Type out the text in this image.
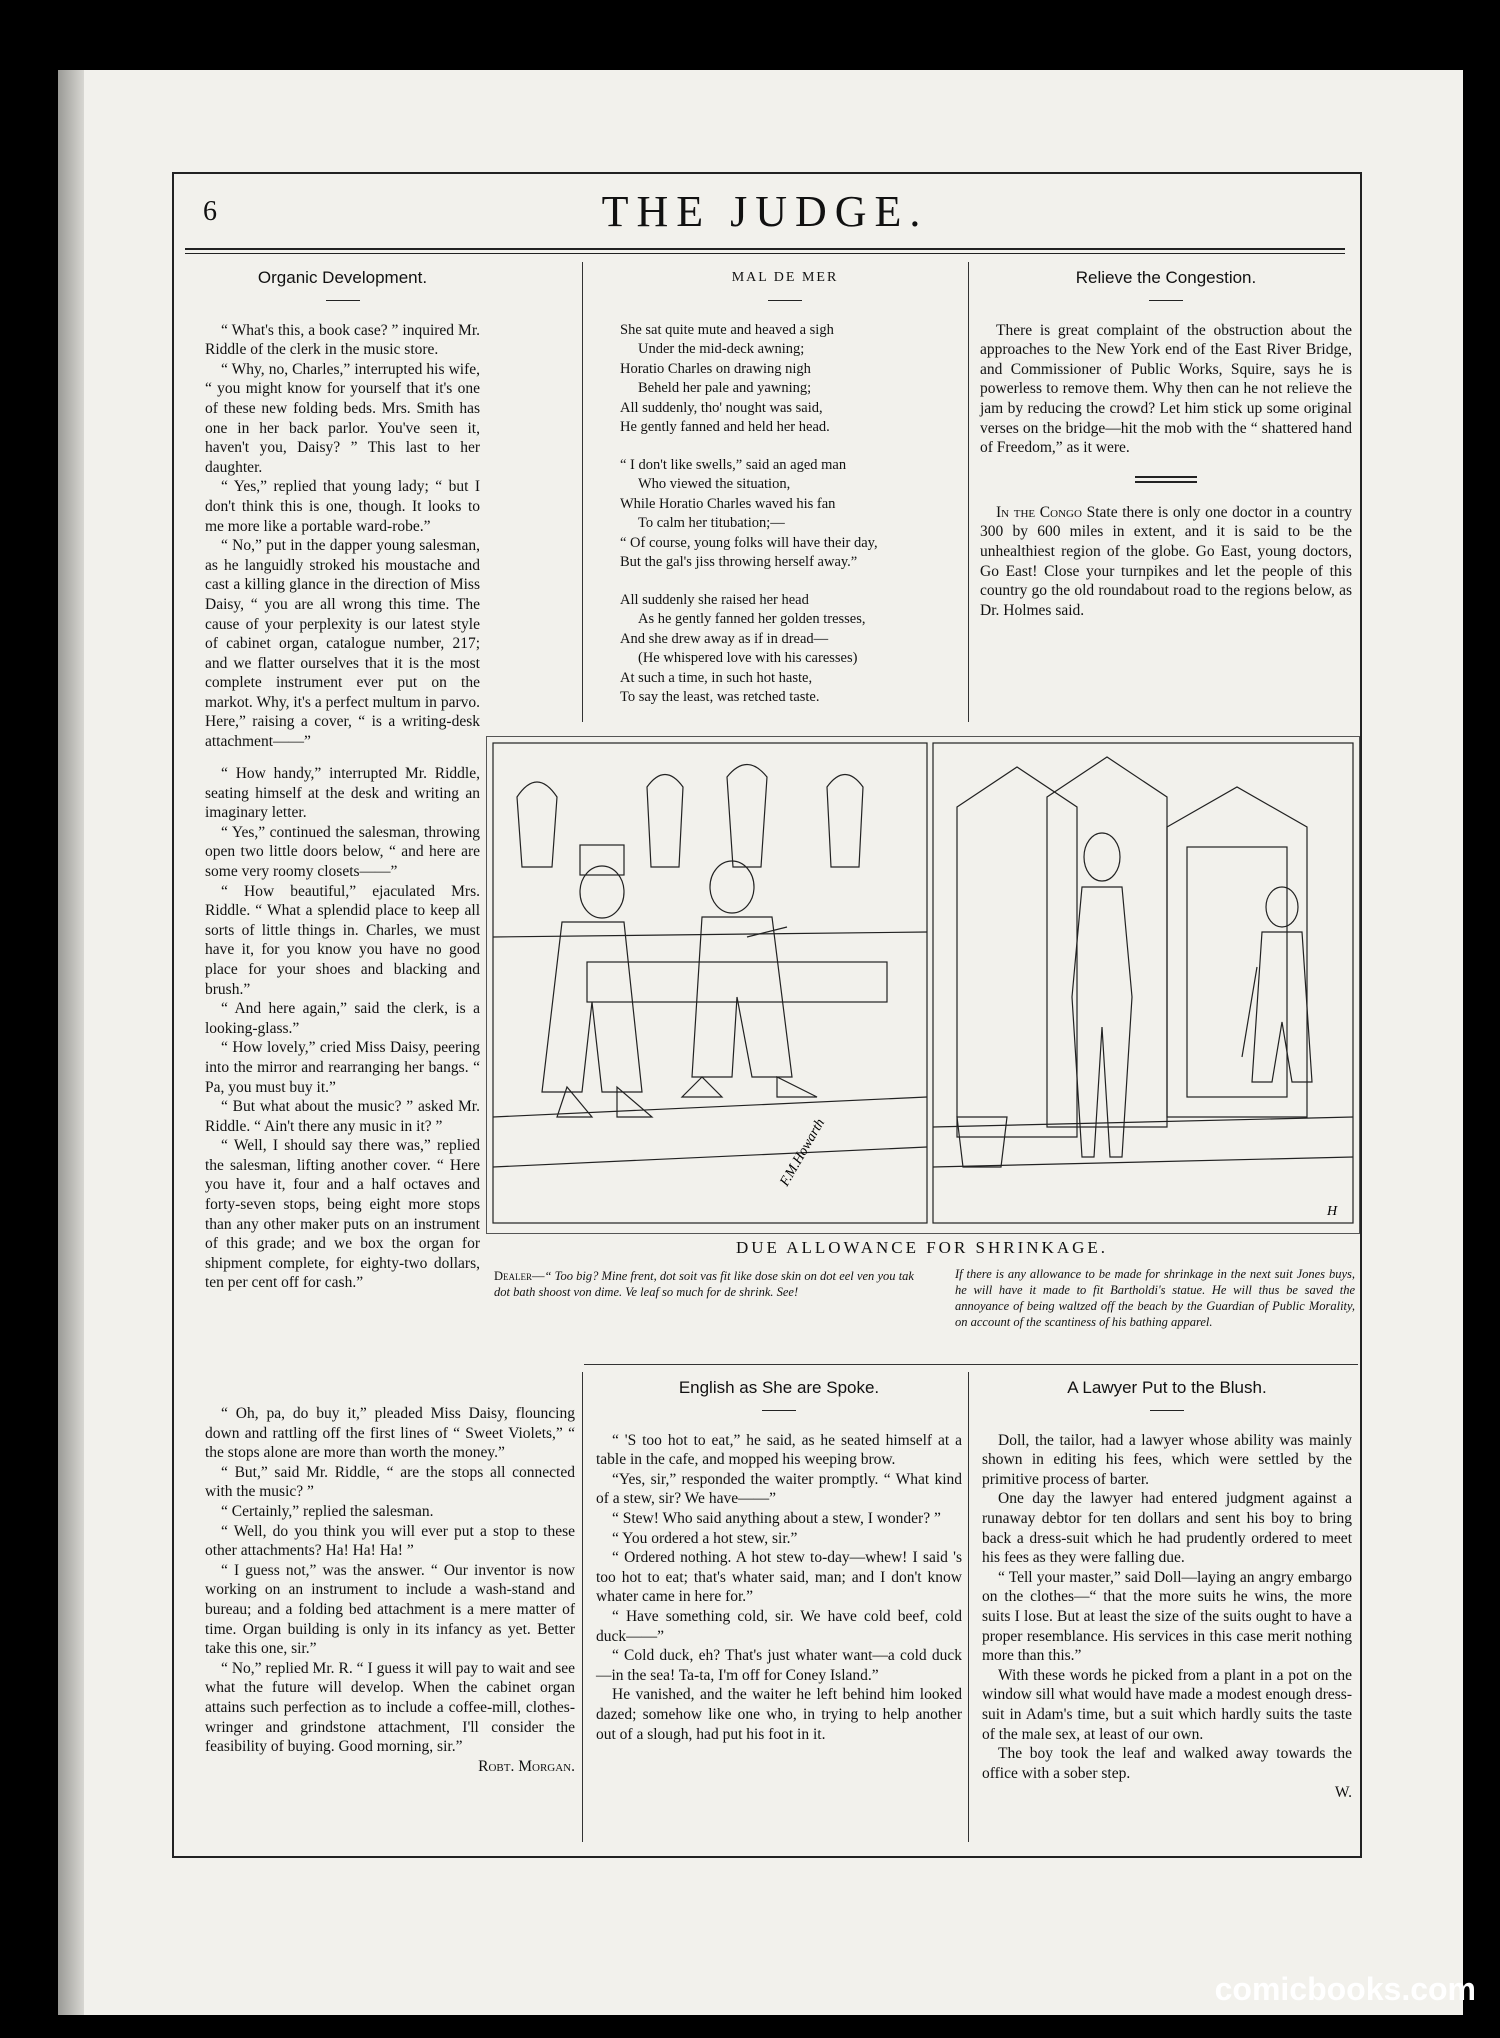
6	THE JUDGE.
Organic Development.

“ What's this, a book case? ” inquired Mr. Riddle of the clerk in the music store.

“ Why, no, Charles,” interrupted his wife, “ you might know for yourself that it's one of these new folding beds. Mrs. Smith has one in her back parlor. You've seen it, haven't you, Daisy? ” This last to her daughter.

“ Yes,” replied that young lady; “ but I don't think this is one, though. It looks to me more like a portable ward-robe.”

“ No,” put in the dapper young salesman, as he languidly stroked his moustache and cast a killing glance in the direction of Miss Daisy, “ you are all wrong this time. The cause of your perplexity is our latest style of cabinet organ, catalogue number, 217; and we flatter ourselves that it is the most complete instrument ever put on the markot. Why, it's a perfect multum in parvo. Here,” raising a cover, “ is a writing-desk attachment——”

“ How handy,” interrupted Mr. Riddle, seating himself at the desk and writing an imaginary letter.

“ Yes,” continued the salesman, throwing open two little doors below, “ and here are some very roomy closets——”

“ How beautiful,” ejaculated Mrs. Riddle. “ What a splendid place to keep all sorts of little things in. Charles, we must have it, for you know you have no good place for your shoes and blacking and brush.”

“ And here again,” said the clerk, is a looking-glass.”

“ How lovely,” cried Miss Daisy, peering into the mirror and rearranging her bangs. “ Pa, you must buy it.”

“ But what about the music? ” asked Mr. Riddle. “ Ain't there any music in it? ”

“ Well, I should say there was,” replied the salesman, lifting another cover. “ Here you have it, four and a half octaves and forty-seven stops, being eight more stops than any other maker puts on an instrument of this grade; and we box the organ for shipment complete, for eighty-two dollars, ten per cent off for cash.”

“ Oh, pa, do buy it,” pleaded Miss Daisy, flouncing down and rattling off the first lines of “ Sweet Violets,” “ the stops alone are more than worth the money.”

“ But,” said Mr. Riddle, “ are the stops all connected with the music? ”

“ Certainly,” replied the salesman.

“ Well, do you think you will ever put a stop to these other attachments? Ha! Ha! Ha! ”

“ I guess not,” was the answer. “ Our inventor is now working on an instrument to include a wash-stand and bureau; and a folding bed attachment is a mere matter of time. Organ building is only in its infancy as yet. Better take this one, sir.”

“ No,” replied Mr. R. “ I guess it will pay to wait and see what the future will develop. When the cabinet organ attains such perfection as to include a coffee-mill, clothes-wringer and grindstone attachment, I'll consider the feasibility of buying. Good morning, sir.”

Robt. Morgan.
MAL DE MER

She sat quite mute and heaved a sigh

Under the mid-deck awning;

Horatio Charles on drawing nigh

Beheld her pale and yawning;

All suddenly, tho' nought was said,

He gently fanned and held her head.

“ I don't like swells,” said an aged man

Who viewed the situation,

While Horatio Charles waved his fan

To calm her titubation;—

“ Of course, young folks will have their day,

But the gal's jiss throwing herself away.”

All suddenly she raised her head

As he gently fanned her golden tresses,

And she drew away as if in dread—

(He whispered love with his caresses)

At such a time, in such hot haste,

To say the least, was retched taste.

Relieve the Congestion.

There is great complaint of the obstruction about the approaches to the New York end of the East River Bridge, and Commissioner of Public Works, Squire, says he is powerless to remove them. Why then can he not relieve the jam by reducing the crowd? Let him stick up some original verses on the bridge—hit the mob with the “ shattered hand of Freedom,” as it were.

In the Congo State there is only one doctor in a country 300 by 600 miles in extent, and it is said to be the unhealthiest region of the globe. Go East, young doctors, Go East! Close your turnpikes and let the people of this country go the old roundabout road to the regions below, as Dr. Holmes said.

F.M.Howarth
H
DUE ALLOWANCE FOR SHRINKAGE.
Dealer—“ Too big? Mine frent, dot soit vas fit like dose skin on dot eel ven you tak dot bath shoost von dime. Ve leaf so much for de shrink. See!
If there is any allowance to be made for shrinkage in the next suit Jones buys, he will have it made to fit Bartholdi's statue. He will thus be saved the annoyance of being waltzed off the beach by the Guardian of Public Morality, on account of the scantiness of his bathing apparel.
English as She are Spoke.

“ 'S too hot to eat,” he said, as he seated himself at a table in the cafe, and mopped his weeping brow.

“Yes, sir,” responded the waiter promptly. “ What kind of a stew, sir? We have——”

“ Stew! Who said anything about a stew, I wonder? ”

“ You ordered a hot stew, sir.”

“ Ordered nothing. A hot stew to-day—whew! I said 's too hot to eat; that's whater said, man; and I don't know whater came in here for.”

“ Have something cold, sir. We have cold beef, cold duck——”

“ Cold duck, eh? That's just whater want—a cold duck—in the sea! Ta-ta, I'm off for Coney Island.”

He vanished, and the waiter he left behind him looked dazed; somehow like one who, in trying to help another out of a slough, had put his foot in it.

A Lawyer Put to the Blush.

Doll, the tailor, had a lawyer whose ability was mainly shown in editing his fees, which were settled by the primitive process of barter.

One day the lawyer had entered judgment against a runaway debtor for ten dollars and sent his boy to bring back a dress-suit which he had prudently ordered to meet his fees as they were falling due.

“ Tell your master,” said Doll—laying an angry embargo on the clothes—“ that the more suits he wins, the more suits I lose. But at least the size of the suits ought to have a proper resemblance. His services in this case merit nothing more than this.”

With these words he picked from a plant in a pot on the window sill what would have made a modest enough dress-suit in Adam's time, but a suit which hardly suits the taste of the male sex, at least of our own.

The boy took the leaf and walked away towards the office with a sober step.

W.
comicbooks.com
